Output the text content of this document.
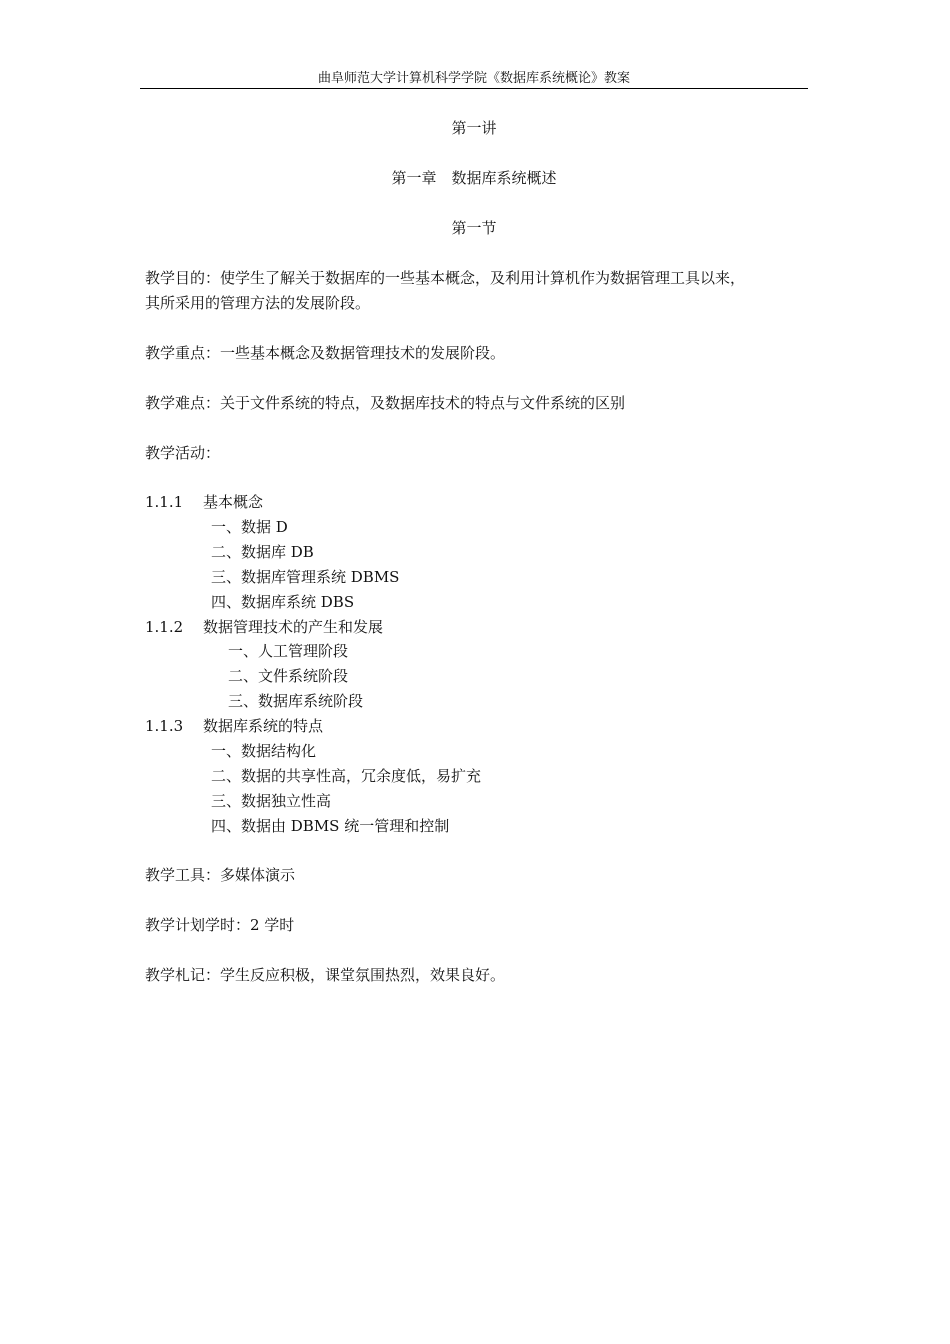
曲阜师范大学计算机科学学院《数据库系统概论》教案
第一讲
第一章　数据库系统概述
第一节
教学目的：使学生了解关于数据库的一些基本概念，及利用计算机作为数据管理工具以来，
其所采用的管理方法的发展阶段。
教学重点：一些基本概念及数据管理技术的发展阶段。
教学难点：关于文件系统的特点，及数据库技术的特点与文件系统的区别
教学活动：
1.1.1 基本概念
一、数据 D
二、数据库 DB
三、数据库管理系统 DBMS
四、数据库系统 DBS
1.1.2 数据管理技术的产生和发展
一、人工管理阶段
二、文件系统阶段
三、数据库系统阶段
1.1.3 数据库系统的特点
一、数据结构化
二、数据的共享性高，冗余度低，易扩充
三、数据独立性高
四、数据由 DBMS 统一管理和控制
教学工具：多媒体演示
教学计划学时：2 学时
教学札记：学生反应积极，课堂氛围热烈，效果良好。
